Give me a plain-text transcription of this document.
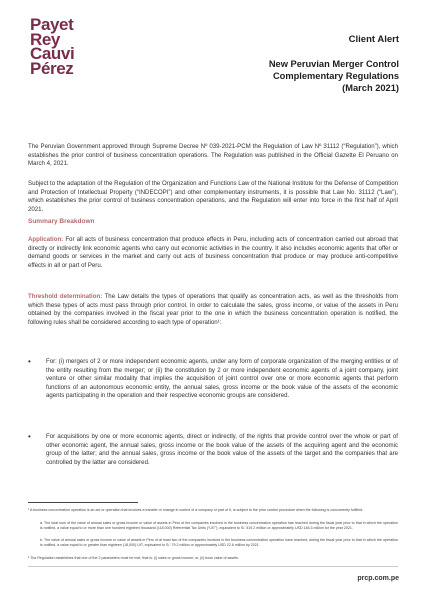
Payet
Rey
Cauvi
Pérez
Client Alert
New Peruvian Merger Control
Complementary Regulations
(March 2021)
The Peruvian Government approved through Supreme Decree Nº 039-2021-PCM the Regulation of Law Nº 31112 (“Regulation”), which establishes the prior control of business concentration operations. The Regulation was published in the Official Gazette El Peruano on March 4, 2021.
Subject to the adaptation of the Regulation of the Organization and Functions Law of the National Institute for the Defense of Competition and Protection of Intellectual Property (“INDECOPI”) and other complementary instruments, it is possible that Law No. 31112 (“Law”), which establishes the prior control of business concentration operations, and the Regulation will enter into force in the first half of April 2021.
Summary Breakdown
Application: For all acts of business concentration that produce effects in Peru, including acts of concentration carried out abroad that directly or indirectly link economic agents who carry out economic activities in the country. It also includes economic agents that offer or demand goods or services in the market and carry out acts of business concentration that produce or may produce anti-competitive effects in all or part of Peru.
Threshold determination: The Law details the types of operations that qualify as concentration acts, as well as the thresholds from which these types of acts must pass through prior control. In order to calculate the sales, gross income, or value of the assets in Peru obtained by the companies involved in the fiscal year prior to the one in which the business concentration operation is notified, the following rules shall be considered according to each type of operation¹:
• For: (i) mergers of 2 or more independent economic agents, under any form of corporate organization of the merging entities or of the entity resulting from the merger; or (ii) the constitution by 2 or more independent economic agents of a joint company, joint venture or other similar modality that implies the acquisition of joint control over one or more economic agents that perform functions of an autonomous economic entity, the annual sales, gross income or the book value of the assets of the economic agents participating in the operation and their respective economic groups are considered.
• For acquisitions by one or more economic agents, direct or indirectly, of the rights that provide control over the whole or part of other economic agent, the annual sales, gross income or the book value of the assets of the acquiring agent and the economic group of the latter; and the annual sales, gross income or the book value of the assets of the target and the companies that are controlled by the latter are considered.
¹ A business concentration operation is an act or operation that involves a transfer or change in control of a company or part of it, is subject to the prior control procedure when the following is concurrently fulfilled:
a. The total sum of the value of annual sales or gross income or value of assets in Peru of the companies involved in the business concentration operation has reached during the fiscal year prior to that in which the operation is notified, a value equal to or more than one hundred eighteen thousand (118,000) Referential Tax Units (“UIT”), equivalent to S/. 519.2 million or approximately USD 148.3 million for the year 2021.
b. The value of annual sales or gross income or value of assets in Peru of at least two of the companies involved in the business concentration operation have reached, during the fiscal year prior to that in which the operation is notified, a value equal to or greater than eighteen (18,000) UIT, equivalent to S/. 79.2 million or approximately USD 22.6 million by 2021.
² The Regulation establishes that one of the 2 parameters must be met, that is: (i) sales or gross income; or, (ii) book value of assets.
prcp.com.pe
